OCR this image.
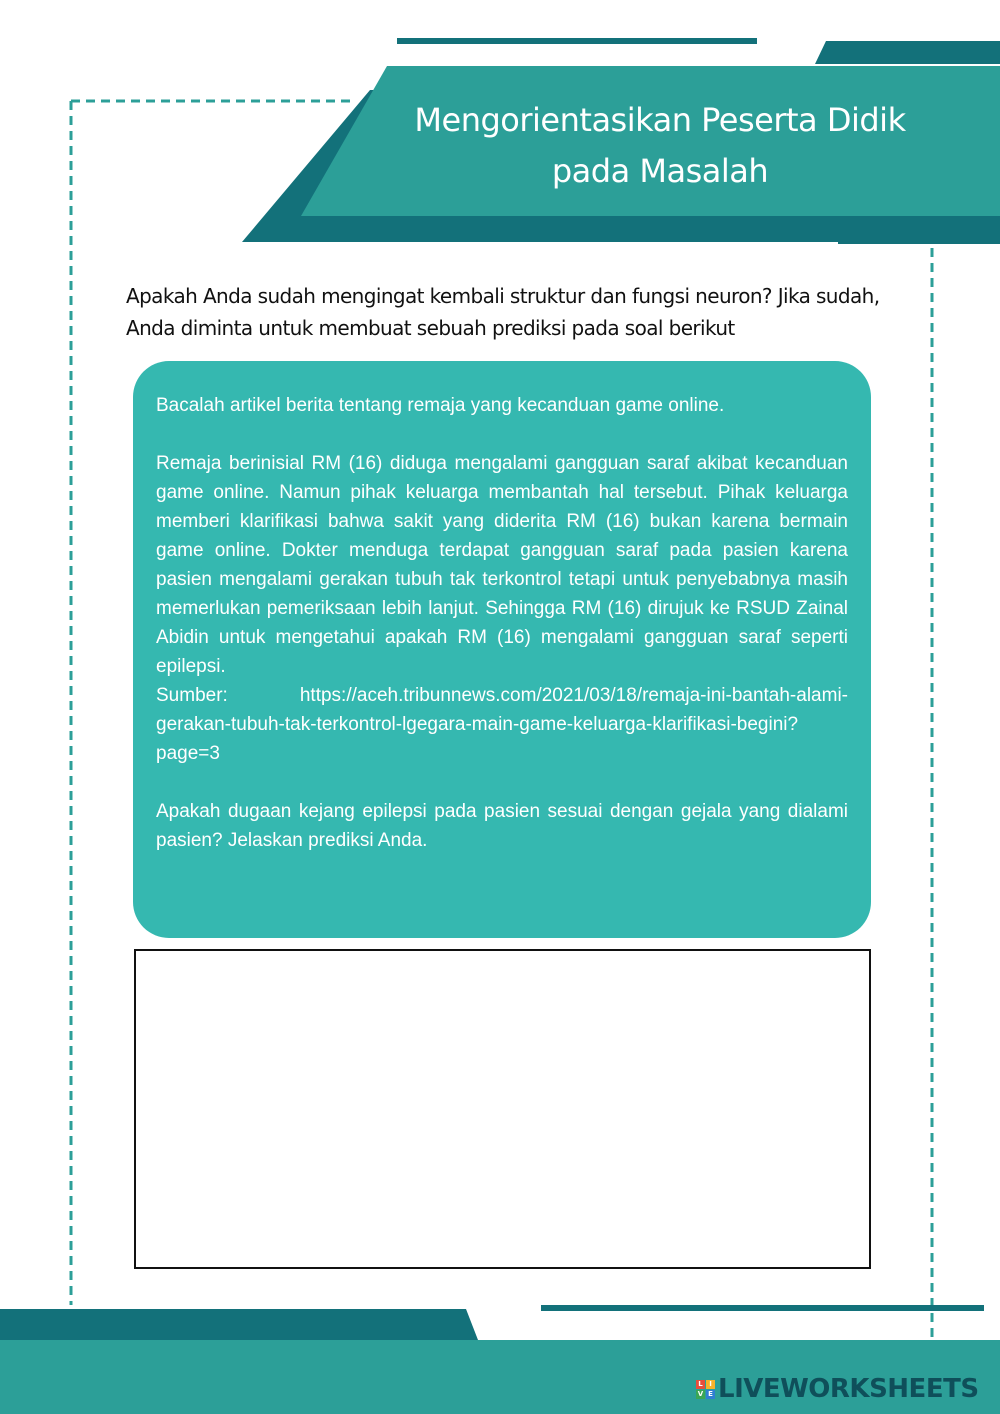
Mengorientasikan Peserta Didik pada Masalah
Apakah Anda sudah mengingat kembali struktur dan fungsi neuron? Jika sudah, Anda diminta untuk membuat sebuah prediksi pada soal berikut

Bacalah artikel berita tentang remaja yang kecanduan game online.

Remaja berinisial RM (16) diduga mengalami gangguan saraf akibat kecanduan game online. Namun pihak keluarga membantah hal tersebut. Pihak keluarga memberi klarifikasi bahwa sakit yang diderita RM (16) bukan karena bermain game online. Dokter menduga terdapat gangguan saraf pada pasien karena pasien mengalami gerakan tubuh tak terkontrol tetapi untuk penyebabnya masih memerlukan pemeriksaan lebih lanjut. Sehingga RM (16) dirujuk ke RSUD Zainal Abidin untuk mengetahui apakah RM (16) mengalami gangguan saraf seperti epilepsi.
Sumber: https://aceh.tribunnews.com/2021/03/18/remaja-ini-bantah-alami-gerakan-tubuh-tak-terkontrol-lgegara-main-game-keluarga-klarifikasi-begini?page=3

Apakah dugaan kejang epilepsi pada pasien sesuai dengan gejala yang dialami pasien? Jelaskan prediksi Anda.

L I
V E LIVEWORKSHEETS
